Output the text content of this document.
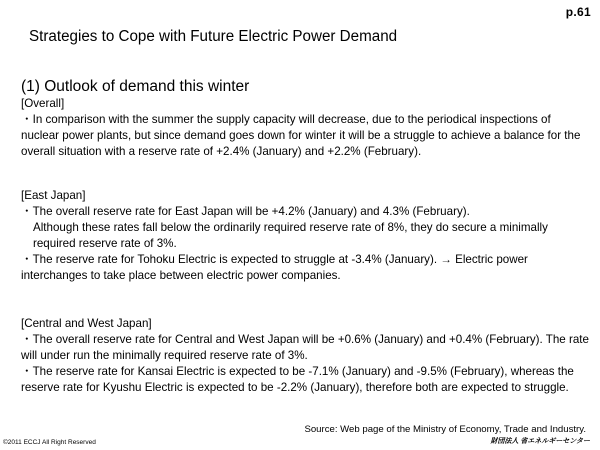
p.61
Strategies to Cope with Future Electric Power Demand
(1) Outlook of demand this winter

[Overall]

・In comparison with the summer the supply capacity will decrease, due to the periodical inspections of nuclear power plants, but since demand goes down for winter it will be a struggle to achieve a balance for the overall situation with a reserve rate of +2.4% (January) and +2.2% (February).

[East Japan]

・The overall reserve rate for East Japan will be +4.2% (January) and 4.3% (February).

Although these rates fall below the ordinarily required reserve rate of 8%, they do secure a minimally required reserve rate of 3%.

・The reserve rate for Tohoku Electric is expected to struggle at -3.4% (January). → Electric power interchanges to take place between electric power companies.

[Central and West Japan]

・The overall reserve rate for Central and West Japan will be +0.6% (January) and +0.4% (February). The rate will under run the minimally required reserve rate of 3%.

・The reserve rate for Kansai Electric is expected to be -7.1% (January) and -9.5% (February), whereas the reserve rate for Kyushu Electric is expected to be -2.2% (January), therefore both are expected to struggle.

Source: Web page of the Ministry of Economy, Trade and Industry.
©2011 ECCJ All Right Reserved	財団法人 省エネルギーセンター
